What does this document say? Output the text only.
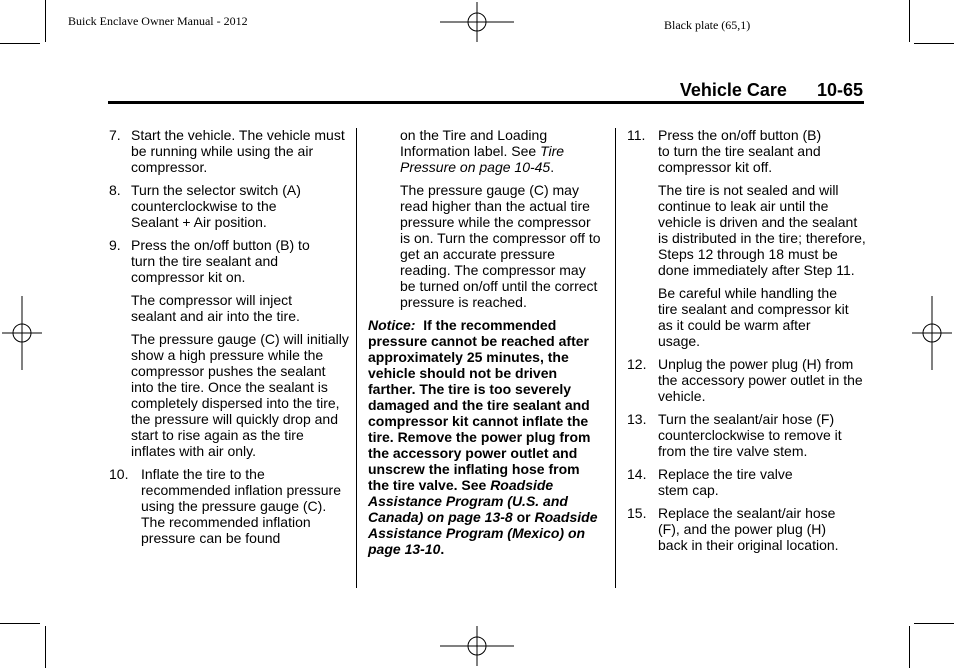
Buick Enclave Owner Manual - 2012	Black plate (65,1)
Vehicle Care 10-65
7. Start the vehicle. The vehicle must be running while using the air compressor.
8. Turn the selector switch (A) counterclockwise to the Sealant + Air position.
9. Press the on/off button (B) to turn the tire sealant and compressor kit on.

The compressor will inject sealant and air into the tire.

The pressure gauge (C) will initially show a high pressure while the compressor pushes the sealant into the tire. Once the sealant is completely dispersed into the tire, the pressure will quickly drop and start to rise again as the tire inflates with air only.

10. Inflate the tire to the recommended inflation pressure using the pressure gauge (C). The recommended inflation pressure can be found

on the Tire and Loading Information label. See Tire Pressure on page 10-45.

The pressure gauge (C) may read higher than the actual tire pressure while the compressor is on. Turn the compressor off to get an accurate pressure reading. The compressor may be turned on/off until the correct pressure is reached.

Notice: If the recommended pressure cannot be reached after approximately 25 minutes, the vehicle should not be driven farther. The tire is too severely damaged and the tire sealant and compressor kit cannot inflate the tire. Remove the power plug from the accessory power outlet and unscrew the inflating hose from the tire valve. See Roadside Assistance Program (U.S. and Canada) on page 13-8 or Roadside Assistance Program (Mexico) on page 13-10.

11. Press the on/off button (B) to turn the tire sealant and compressor kit off.

The tire is not sealed and will continue to leak air until the vehicle is driven and the sealant is distributed in the tire; therefore, Steps 12 through 18 must be done immediately after Step 11.

Be careful while handling the tire sealant and compressor kit as it could be warm after usage.

12. Unplug the power plug (H) from the accessory power outlet in the vehicle.
13. Turn the sealant/air hose (F) counterclockwise to remove it from the tire valve stem.
14. Replace the tire valve stem cap.
15. Replace the sealant/air hose (F), and the power plug (H) back in their original location.
